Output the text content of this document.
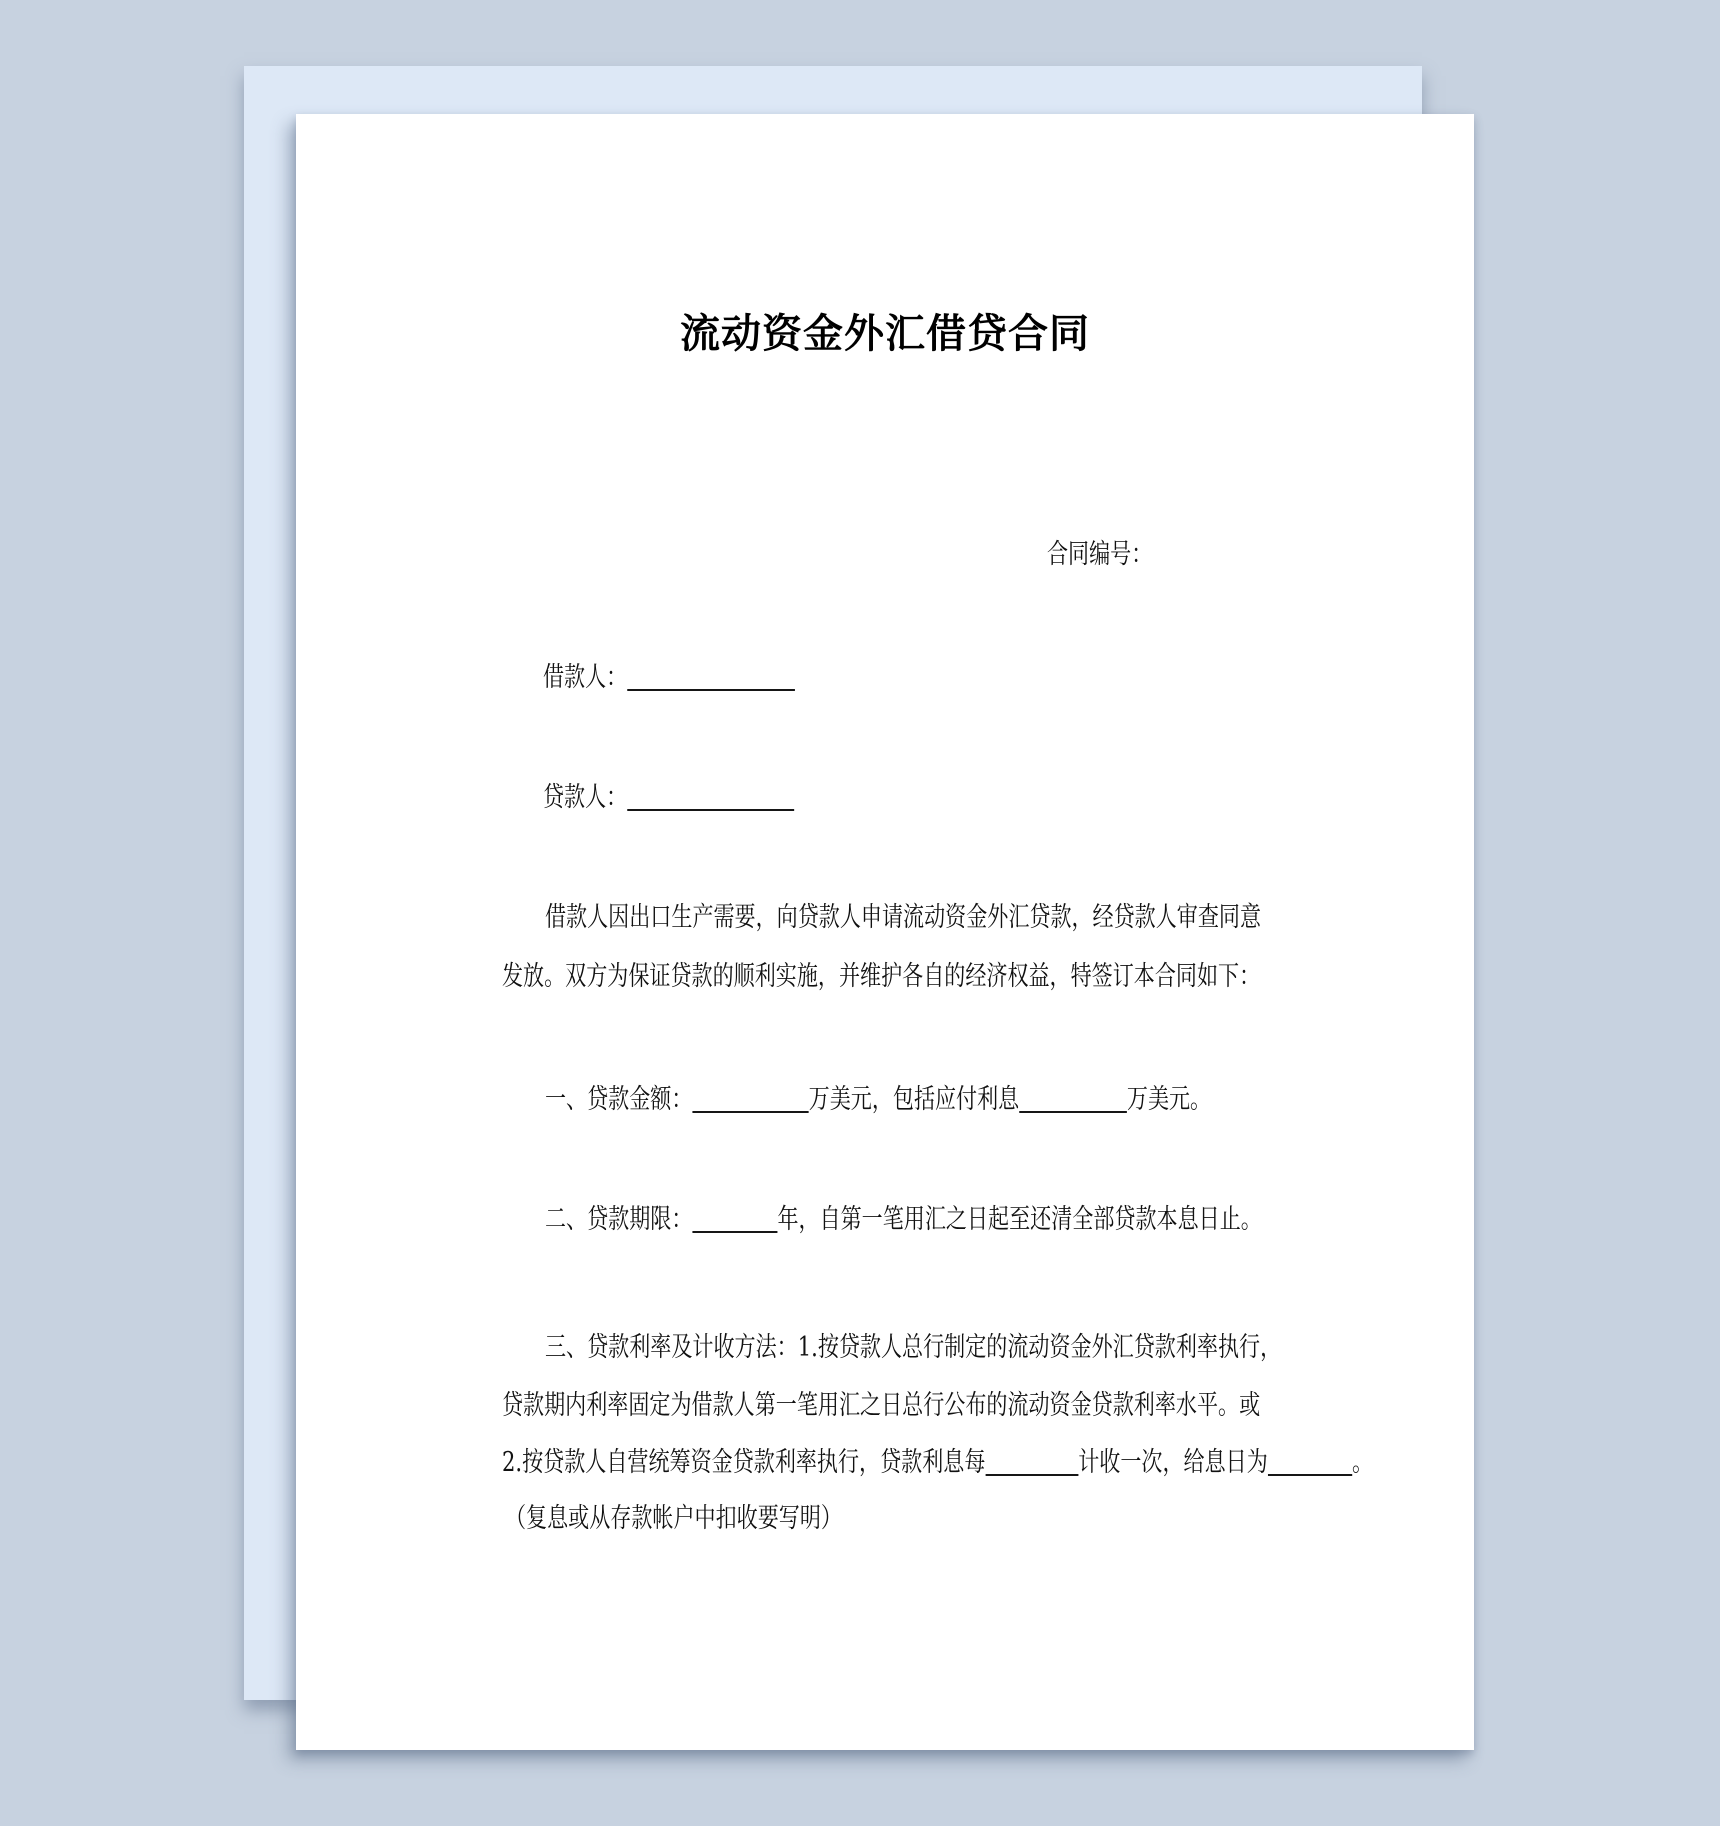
流动资金外汇借贷合同
合同编号：
借款人：
贷款人：
借款人因出口生产需要，向贷款人申请流动资金外汇贷款，经贷款人审查同意
发放。双方为保证贷款的顺利实施，并维护各自的经济权益，特签订本合同如下：
一、贷款金额：	万美元，包括应付利息	万美元。
二、贷款期限：	年，自第一笔用汇之日起至还清全部贷款本息日止。
三、贷款利率及计收方法：1.按贷款人总行制定的流动资金外汇贷款利率执行，
贷款期内利率固定为借款人第一笔用汇之日总行公布的流动资金贷款利率水平。或
2.按贷款人自营统筹资金贷款利率执行，贷款利息每	计收一次，给息日为	。
（复息或从存款帐户中扣收要写明）
